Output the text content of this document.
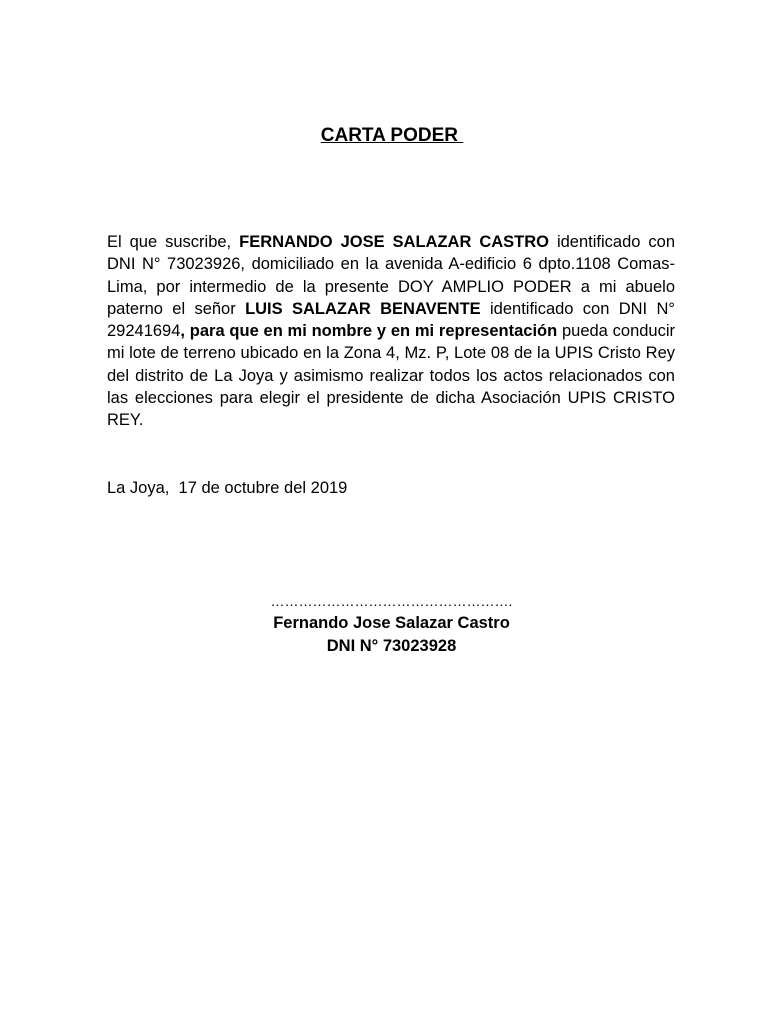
CARTA PODER

El que suscribe, FERNANDO JOSE SALAZAR CASTRO identificado con DNI N° 73023926, domiciliado en la avenida A-edificio 6 dpto.1108 Comas-Lima, por intermedio de la presente DOY AMPLIO PODER a mi abuelo paterno el señor LUIS SALAZAR BENAVENTE identificado con DNI N° 29241694, para que en mi nombre y en mi representación pueda conducir mi lote de terreno ubicado en la Zona 4, Mz. P, Lote 08 de la UPIS Cristo Rey del distrito de La Joya y asimismo realizar todos los actos relacionados con las elecciones para elegir el presidente de dicha Asociación UPIS CRISTO REY.

La Joya,  17 de octubre del 2019
…………………………………………….
Fernando Jose Salazar Castro
DNI N° 73023928
